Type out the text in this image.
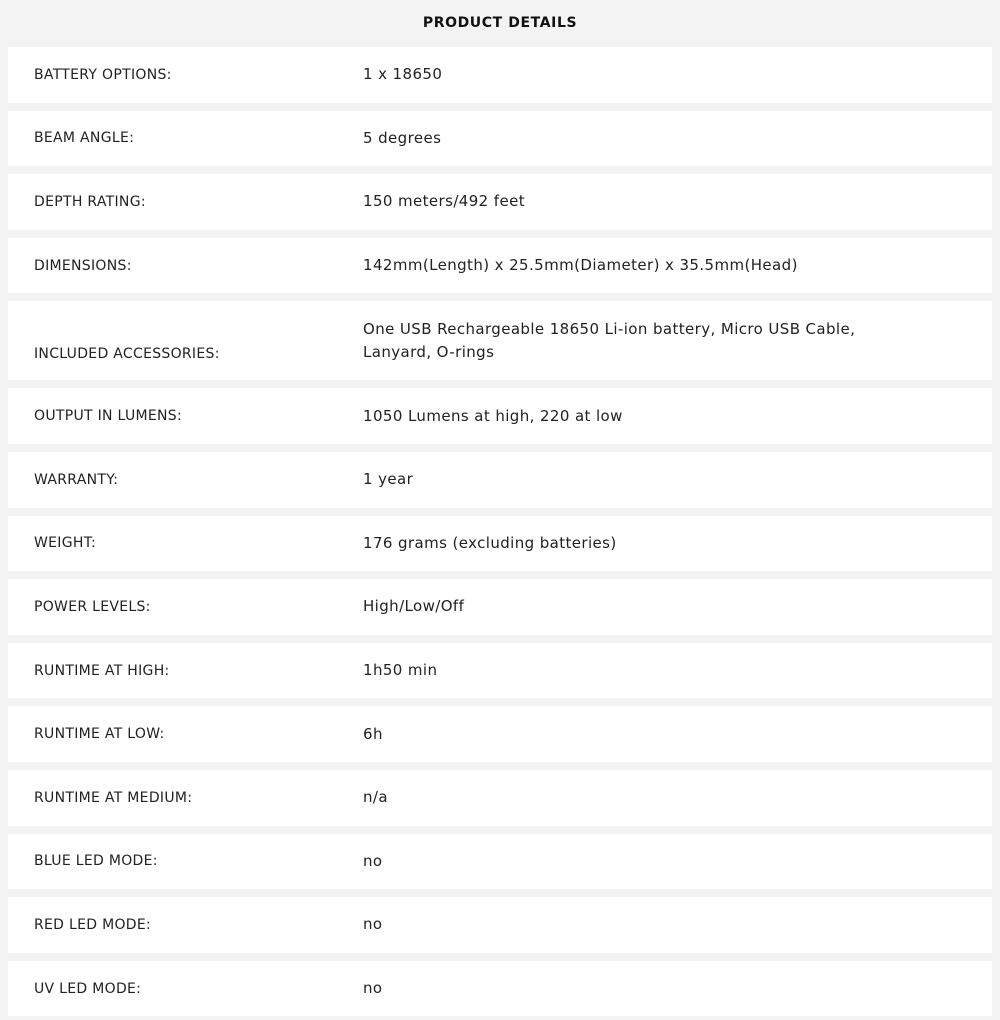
PRODUCT DETAILS
BATTERY OPTIONS:	1 x 18650
BEAM ANGLE:	5 degrees
DEPTH RATING:	150 meters/492 feet
DIMENSIONS:	142mm(Length) x 25.5mm(Diameter) x 35.5mm(Head)
INCLUDED ACCESSORIES:
One USB Rechargeable 18650 Li-ion battery, Micro USB Cable, Lanyard, O-rings
OUTPUT IN LUMENS:	1050 Lumens at high, 220 at low
WARRANTY:	1 year
WEIGHT:	176 grams (excluding batteries)
POWER LEVELS:	High/Low/Off
RUNTIME AT HIGH:	1h50 min
RUNTIME AT LOW:	6h
RUNTIME AT MEDIUM:	n/a
BLUE LED MODE:	no
RED LED MODE:	no
UV LED MODE:	no
